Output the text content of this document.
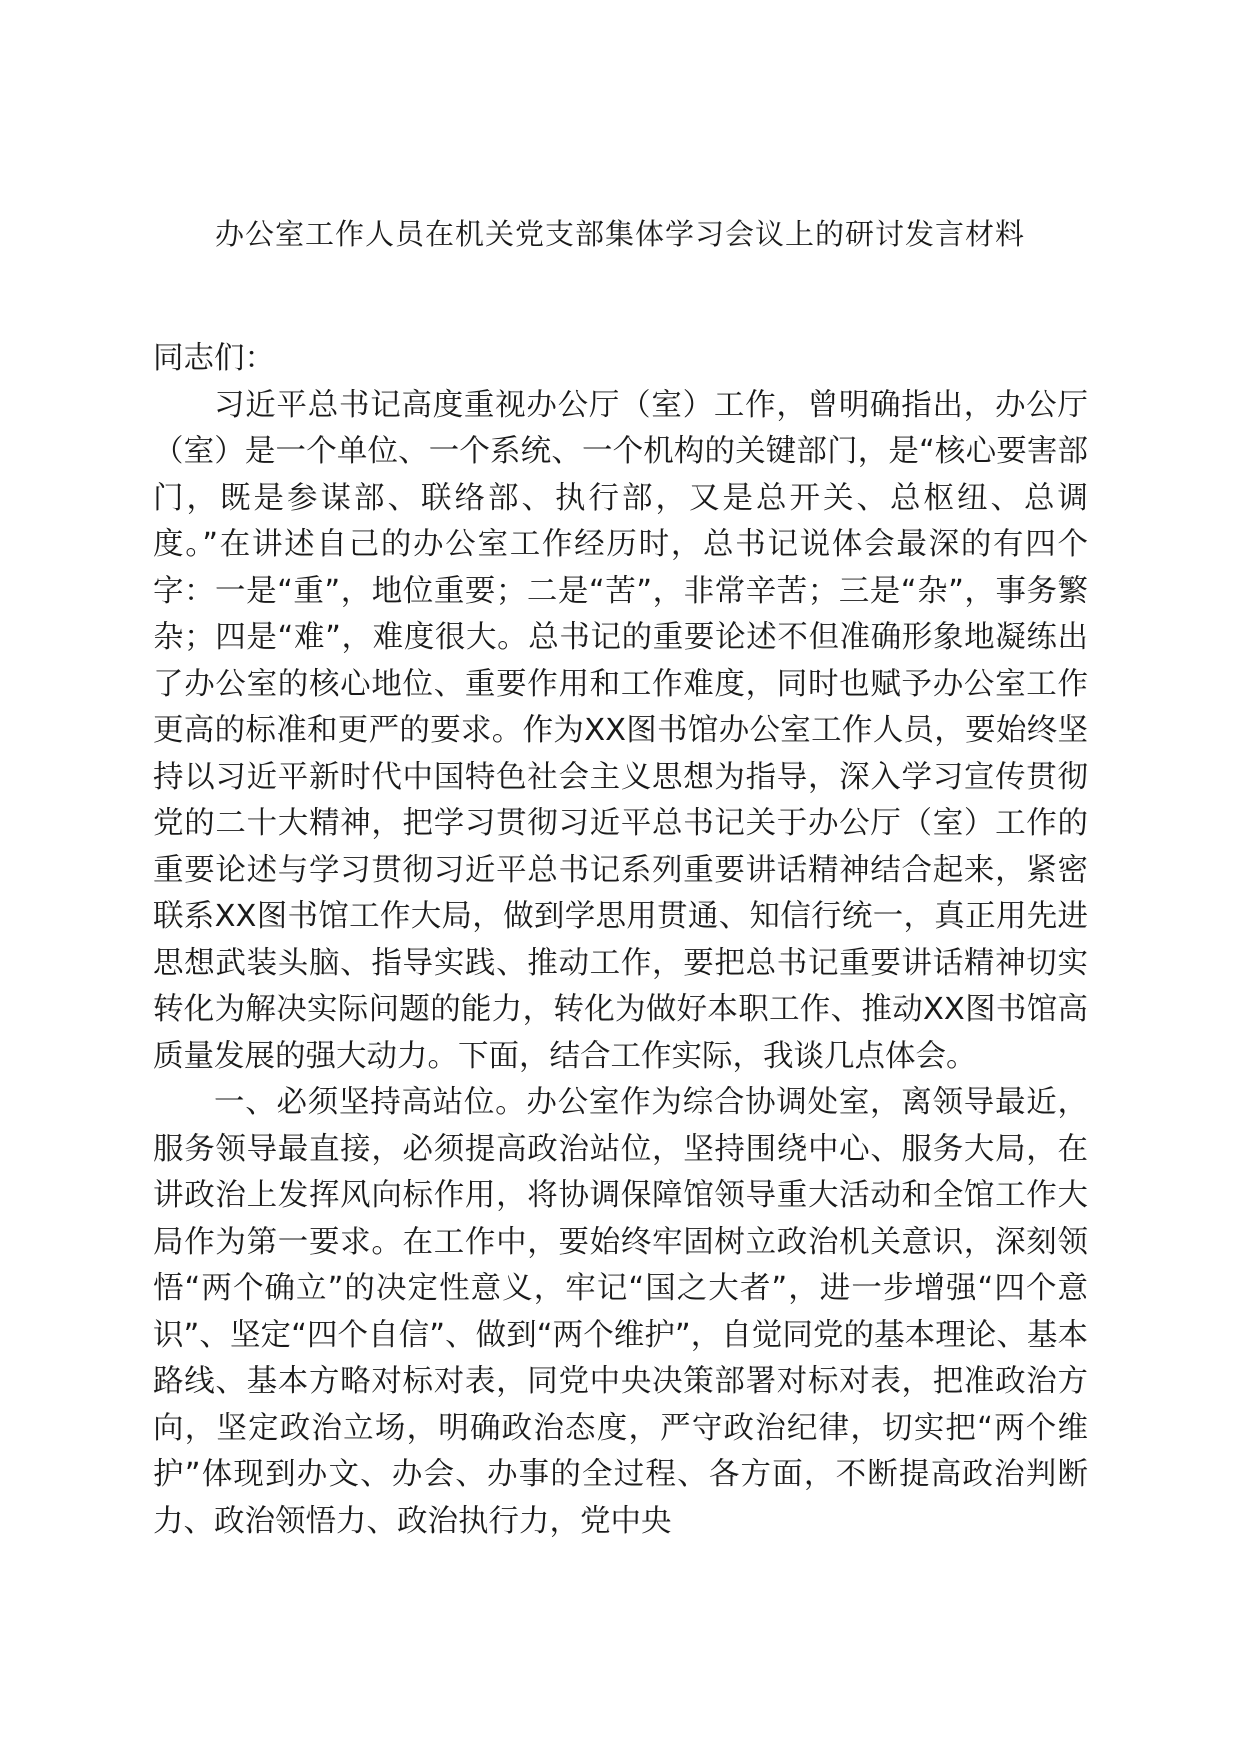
办公室工作人员在机关党支部集体学习会议上的研讨发言材料

同志们：

习近平总书记高度重视办公厅（室）工作，曾明确指出，办公厅（室）是一个单位、一个系统、一个机构的关键部门，是“核心要害部门，既是参谋部、联络部、执行部，又是总开关、总枢纽、总调度。”在讲述自己的办公室工作经历时，总书记说体会最深的有四个字：一是“重”，地位重要；二是“苦”，非常辛苦；三是“杂”，事务繁杂；四是“难”，难度很大。总书记的重要论述不但准确形象地凝练出了办公室的核心地位、重要作用和工作难度，同时也赋予办公室工作更高的标准和更严的要求。作为XX图书馆办公室工作人员，要始终坚持以习近平新时代中国特色社会主义思想为指导，深入学习宣传贯彻党的二十大精神，把学习贯彻习近平总书记关于办公厅（室）工作的重要论述与学习贯彻习近平总书记系列重要讲话精神结合起来，紧密联系XX图书馆工作大局，做到学思用贯通、知信行统一，真正用先进思想武装头脑、指导实践、推动工作，要把总书记重要讲话精神切实转化为解决实际问题的能力，转化为做好本职工作、推动XX图书馆高质量发展的强大动力。下面，结合工作实际，我谈几点体会。

一、必须坚持高站位。办公室作为综合协调处室，离领导最近，服务领导最直接，必须提高政治站位，坚持围绕中心、服务大局，在讲政治上发挥风向标作用，将协调保障馆领导重大活动和全馆工作大局作为第一要求。在工作中，要始终牢固树立政治机关意识，深刻领悟“两个确立”的决定性意义，牢记“国之大者”，进一步增强“四个意识”、坚定“四个自信”、做到“两个维护”，自觉同党的基本理论、基本路线、基本方略对标对表，同党中央决策部署对标对表，把准政治方向，坚定政治立场，明确政治态度，严守政治纪律，切实把“两个维护”体现到办文、办会、办事的全过程、各方面，不断提高政治判断力、政治领悟力、政治执行力，党中央
